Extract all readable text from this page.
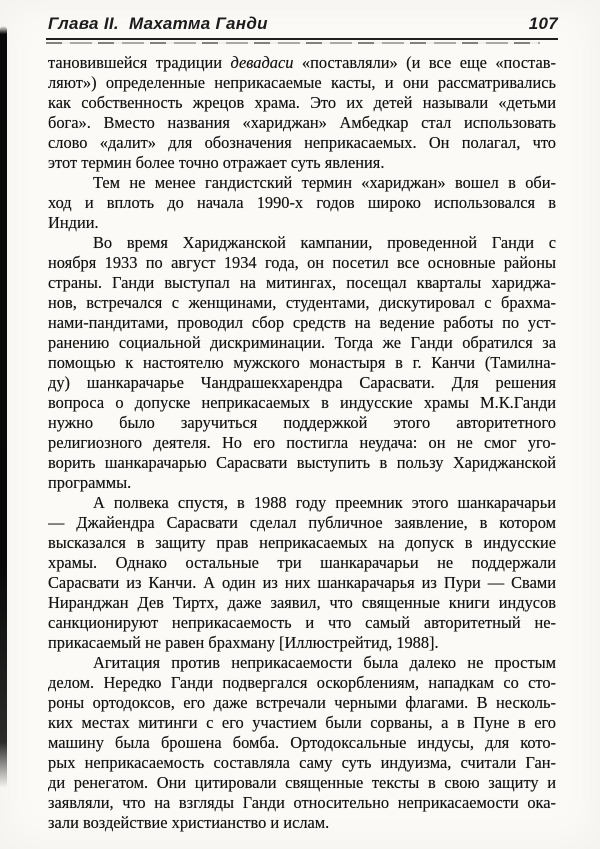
Глава II.  Махатма Ганди	107
тановившейся традиции девадаси «поставляли» (и все еще «постав-
ляют») определенные неприкасаемые касты, и они рассматривались
как собственность жрецов храма. Это их детей называли «детьми
бога». Вместо названия «хариджан» Амбедкар стал использовать
слово «далит» для обозначения неприкасаемых. Он полагал, что
этот термин более точно отражает суть явления.
Тем не менее гандистский термин «хариджан» вошел в оби-
ход и вплоть до начала 1990-х годов широко использовался в
Индии.
Во время Хариджанской кампании, проведенной Ганди с
ноября 1933 по август 1934 года, он посетил все основные районы
страны. Ганди выступал на митингах, посещал кварталы хариджа-
нов, встречался с женщинами, студентами, дискутировал с брахма-
нами-пандитами, проводил сбор средств на ведение работы по уст-
ранению социальной дискриминации. Тогда же Ганди обратился за
помощью к настоятелю мужского монастыря в г. Канчи (Тамилна-
ду) шанкарачарье Чандрашекхарендра Сарасвати. Для решения
вопроса о допуске неприкасаемых в индусские храмы М.К.Ганди
нужно было заручиться поддержкой этого авторитетного
религиозного деятеля. Но его постигла неудача: он не смог уго-
ворить шанкарачарью Сарасвати выступить в пользу Хариджанской
программы.
А полвека спустя, в 1988 году преемник этого шанкарачарьи
— Джайендра Сарасвати сделал публичное заявление, в котором
высказался в защиту прав неприкасаемых на допуск в индусские
храмы. Однако остальные три шанкарачарьи не поддержали
Сарасвати из Канчи. А один из них шанкарачарья из Пури — Свами
Ниранджан Дев Тиртх, даже заявил, что священные книги индусов
санкционируют неприкасаемость и что самый авторитетный не-
прикасаемый не равен брахману [Иллюстрейтид, 1988].
Агитация против неприкасаемости была далеко не простым
делом. Нередко Ганди подвергался оскорблениям, нападкам со сто-
роны ортодоксов, его даже встречали черными флагами. В несколь-
ких местах митинги с его участием были сорваны, а в Пуне в его
машину была брошена бомба. Ортодоксальные индусы, для кото-
рых неприкасаемость составляла саму суть индуизма, считали Ган-
ди ренегатом. Они цитировали священные тексты в свою защиту и
заявляли, что на взгляды Ганди относительно неприкасаемости ока-
зали воздействие христианство и ислам.
